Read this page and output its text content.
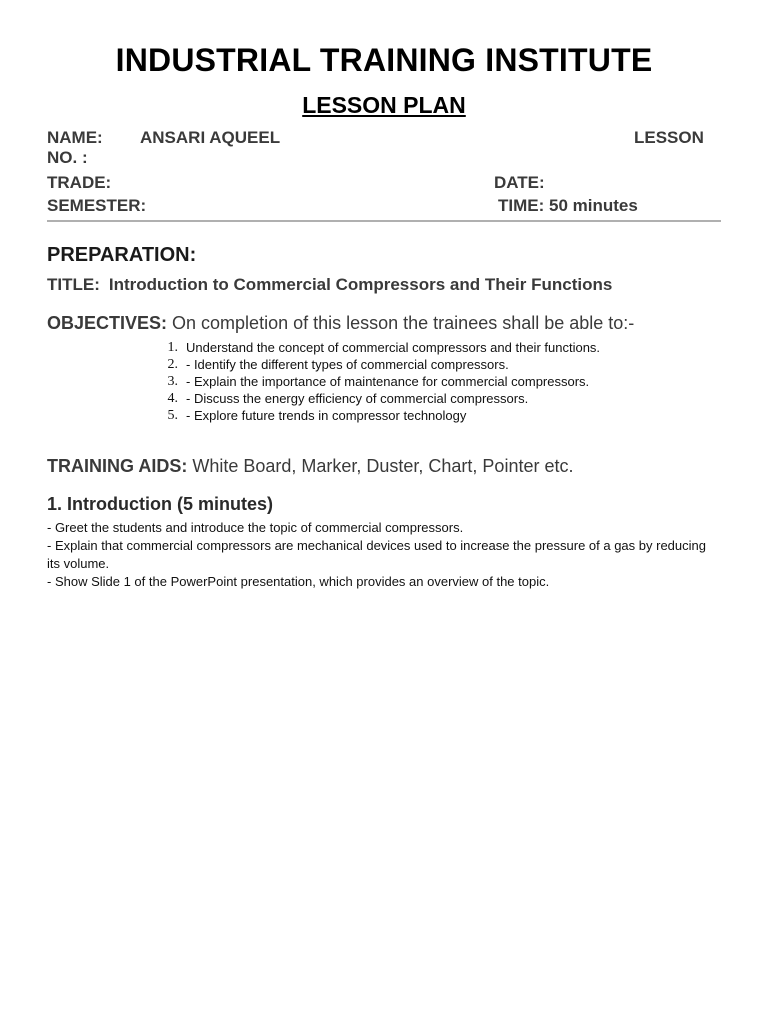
INDUSTRIAL TRAINING INSTITUTE
LESSON PLAN
NAME: ANSARI AQUEEL	LESSON
NO. :
TRADE:	DATE:
SEMESTER:	TIME: 50 minutes
PREPARATION:
TITLE: Introduction to Commercial Compressors and Their Functions
OBJECTIVES: On completion of this lesson the trainees shall be able to:-
1. Understand the concept of commercial compressors and their functions.
2. - Identify the different types of commercial compressors.
3. - Explain the importance of maintenance for commercial compressors.
4. - Discuss the energy efficiency of commercial compressors.
5. - Explore future trends in compressor technology
TRAINING AIDS: White Board, Marker, Duster, Chart, Pointer etc.
1. Introduction (5 minutes)

- Greet the students and introduce the topic of commercial compressors.

- Explain that commercial compressors are mechanical devices used to increase the pressure of a gas by reducing its volume.

- Show Slide 1 of the PowerPoint presentation, which provides an overview of the topic.
